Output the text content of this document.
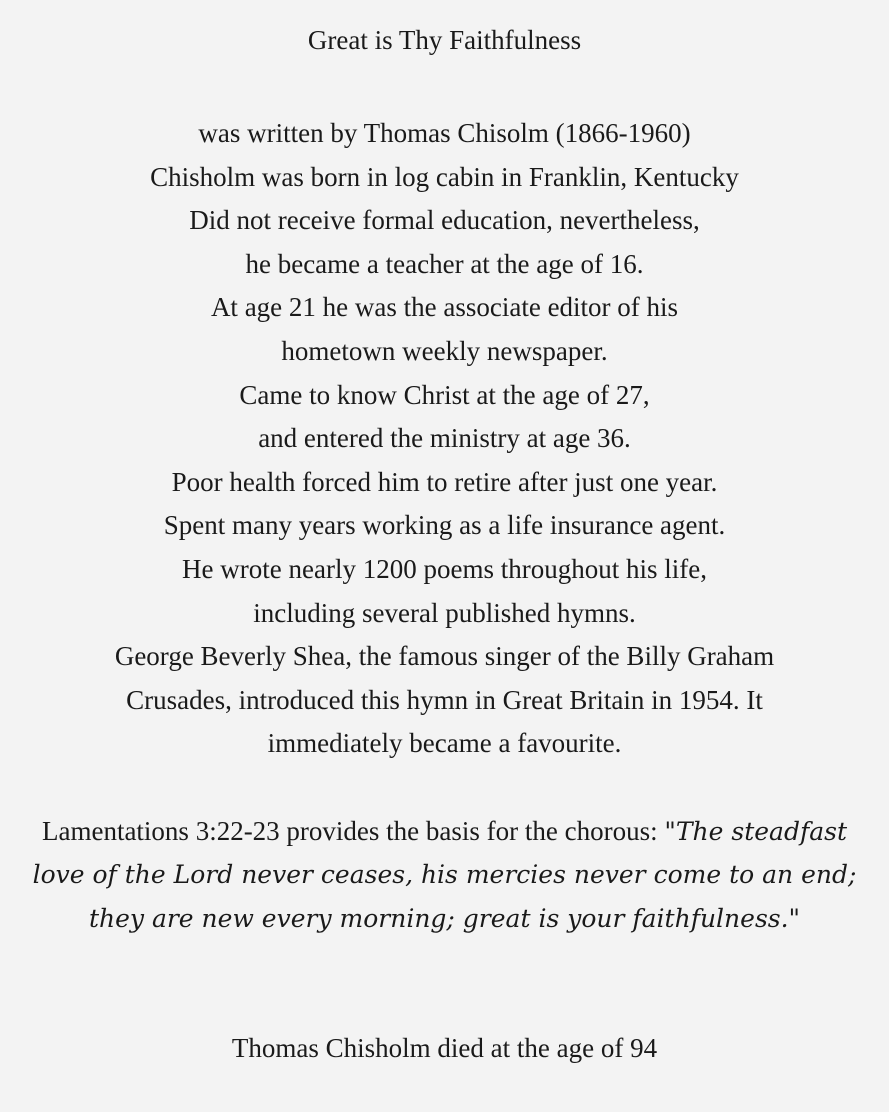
Great is Thy Faithfulness
was written by Thomas Chisolm (1866-1960)
Chisholm was born in log cabin in Franklin, Kentucky
Did not receive formal education, nevertheless,
he became a teacher at the age of 16.
At age 21 he was the associate editor of his
hometown weekly newspaper.
Came to know Christ at the age of 27,
and entered the ministry at age 36.
Poor health forced him to retire after just one year.
Spent many years working as a life insurance agent.
He wrote nearly 1200 poems throughout his life,
including several published hymns.
George Beverly Shea, the famous singer of the Billy Graham
Crusades, introduced this hymn in Great Britain in 1954. It
immediately became a favourite.

Lamentations 3:22-23 provides the basis for the chorous: "The steadfast love of the Lord never ceases, his mercies never come to an end; they are new every morning; great is your faithfulness."

Thomas Chisholm died at the age of 94
